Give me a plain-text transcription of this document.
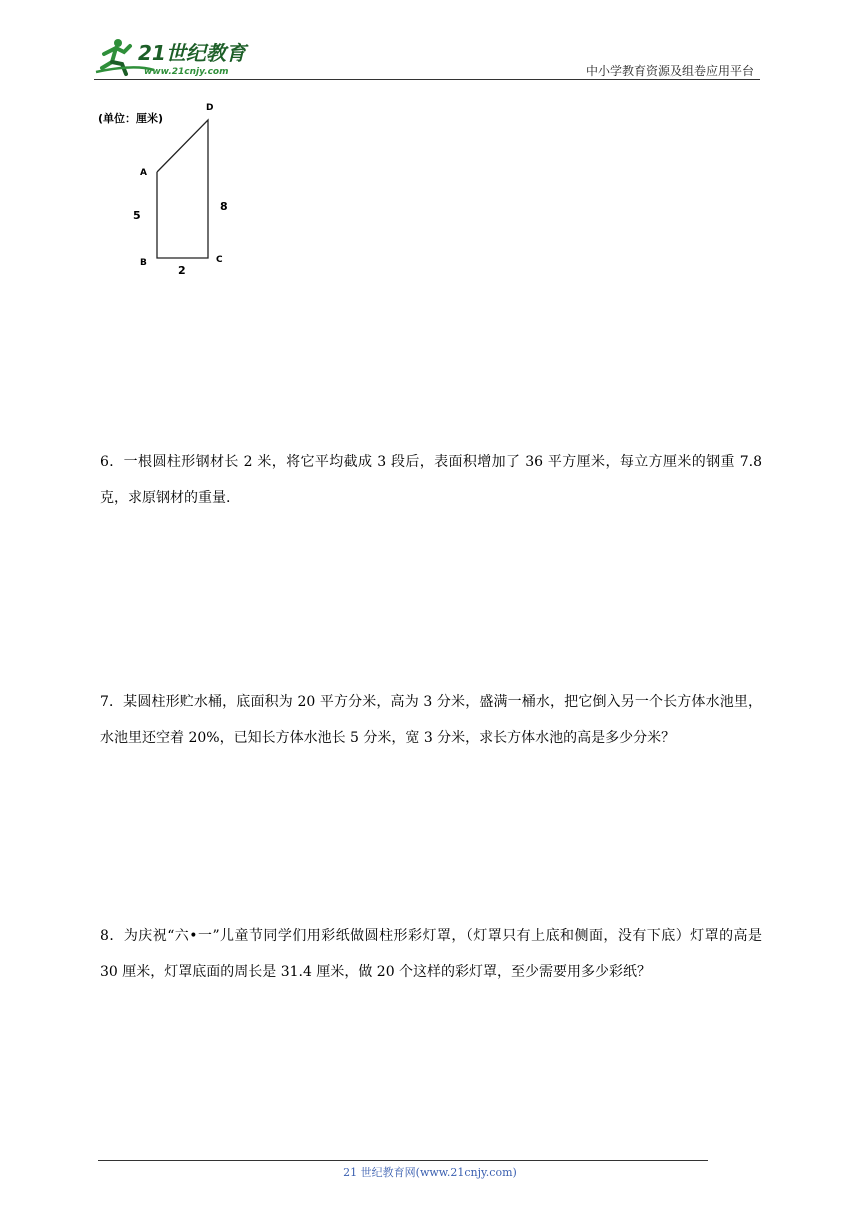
21世纪教育
www.21cnjy.com	中小学教育资源及组卷应用平台
(单位：厘米)
D
A
B	C
5
8
2
6．一根圆柱形钢材长 2 米，将它平均截成 3 段后，表面积增加了 36 平方厘米，每立方厘米的钢重 7.8 克，求原钢材的重量.
7．某圆柱形贮水桶，底面积为 20 平方分米，高为 3 分米，盛满一桶水，把它倒入另一个长方体水池里，水池里还空着 20%，已知长方体水池长 5 分米，宽 3 分米，求长方体水池的高是多少分米？
8．为庆祝“六•一”儿童节同学们用彩纸做圆柱形彩灯罩，（灯罩只有上底和侧面，没有下底）灯罩的高是 30 厘米，灯罩底面的周长是 31.4 厘米，做 20 个这样的彩灯罩，至少需要用多少彩纸？
21 世纪教育网(www.21cnjy.com)
